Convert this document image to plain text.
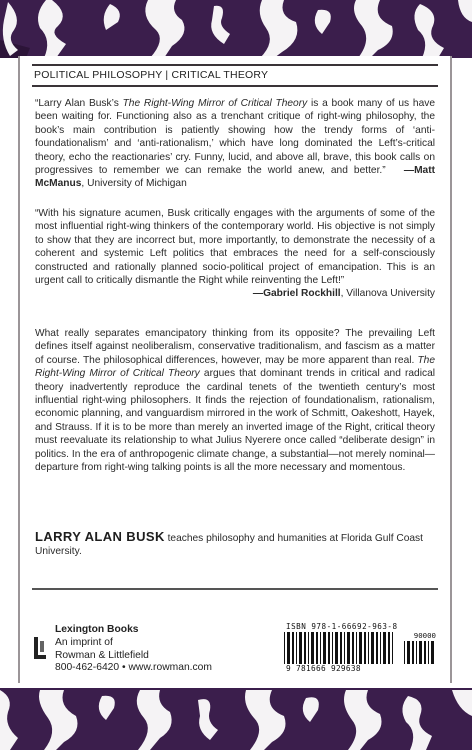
POLITICAL PHILOSOPHY | CRITICAL THEORY

“Larry Alan Busk’s The Right-Wing Mirror of Critical Theory is a book many of us have been waiting for. Functioning also as a trenchant critique of right-wing philosophy, the book’s main contribution is patiently showing how the trendy forms of ‘anti-foundationalism’ and ‘anti-rationalism,’ which have long dominated the Left’s-critical theory, echo the reactionaries’ cry. Funny, lucid, and above all, brave, this book calls on progressives to remember we can remake the world anew, and better.” —Matt McManus, University of Michigan

“With his signature acumen, Busk critically engages with the arguments of some of the most influential right-wing thinkers of the contemporary world. His objective is not simply to show that they are incorrect but, more importantly, to demonstrate the necessity of a coherent and systemic Left politics that embraces the need for a self-consciously constructed and rationally planned socio-political project of emancipation. This is an urgent call to critically dismantle the Right while reinventing the Left!”
—Gabriel Rockhill, Villanova University

What really separates emancipatory thinking from its opposite? The prevailing Left defines itself against neoliberalism, conservative traditionalism, and fascism as a matter of course. The philosophical differences, however, may be more apparent than real. The Right-Wing Mirror of Critical Theory argues that dominant trends in critical and radical theory inadvertently reproduce the cardinal tenets of the twentieth century’s most influential right-wing philosophers. It finds the rejection of foundationalism, rationalism, economic planning, and vanguardism mirrored in the work of Schmitt, Oakeshott, Hayek, and Strauss. If it is to be more than merely an inverted image of the Right, critical theory must reevaluate its relationship to what Julius Nyerere once called “deliberate design” in politics. In the era of anthropogenic climate change, a substantial—not merely nominal—departure from right-wing talking points is all the more necessary and momentous.

LARRY ALAN BUSK teaches philosophy and humanities at Florida Gulf Coast University.

Lexington Books
An imprint of
Rowman & Littlefield
800-462-6420 • www.rowman.com
ISBN 978-1-66692-963-8
90000
9 781666 929638
